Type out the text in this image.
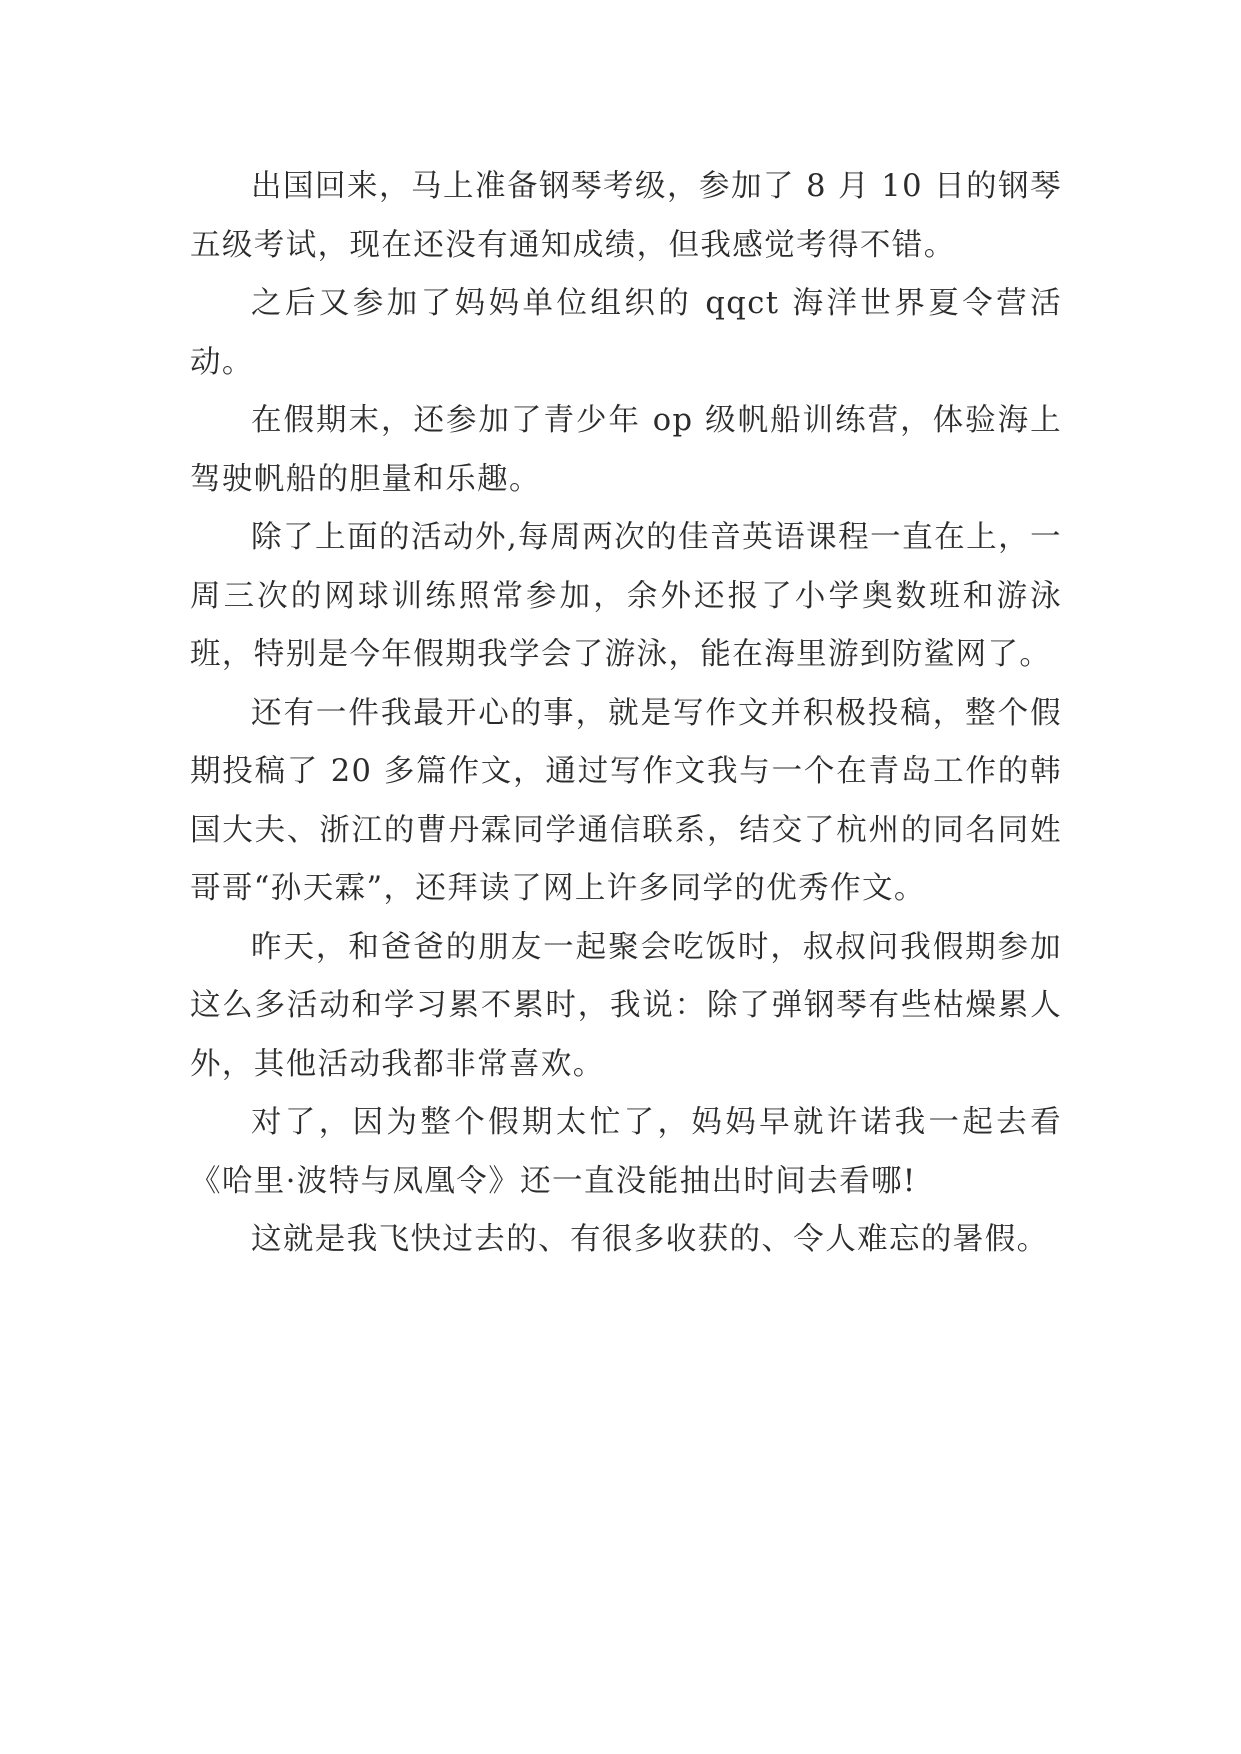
出国回来，马上准备钢琴考级，参加了 8 月 10 日的钢琴五级考试，现在还没有通知成绩，但我感觉考得不错。

之后又参加了妈妈单位组织的 qqct 海洋世界夏令营活动。

在假期末，还参加了青少年 op 级帆船训练营，体验海上驾驶帆船的胆量和乐趣。

除了上面的活动外,每周两次的佳音英语课程一直在上，一周三次的网球训练照常参加，余外还报了小学奥数班和游泳班，特别是今年假期我学会了游泳，能在海里游到防鲨网了。

还有一件我最开心的事，就是写作文并积极投稿，整个假期投稿了 20 多篇作文，通过写作文我与一个在青岛工作的韩国大夫、浙江的曹丹霖同学通信联系，结交了杭州的同名同姓哥哥“孙天霖”，还拜读了网上许多同学的优秀作文。

昨天，和爸爸的朋友一起聚会吃饭时，叔叔问我假期参加这么多活动和学习累不累时，我说：除了弹钢琴有些枯燥累人外，其他活动我都非常喜欢。

对了，因为整个假期太忙了，妈妈早就许诺我一起去看《哈里·波特与凤凰令》还一直没能抽出时间去看哪!

这就是我飞快过去的、有很多收获的、令人难忘的暑假。
